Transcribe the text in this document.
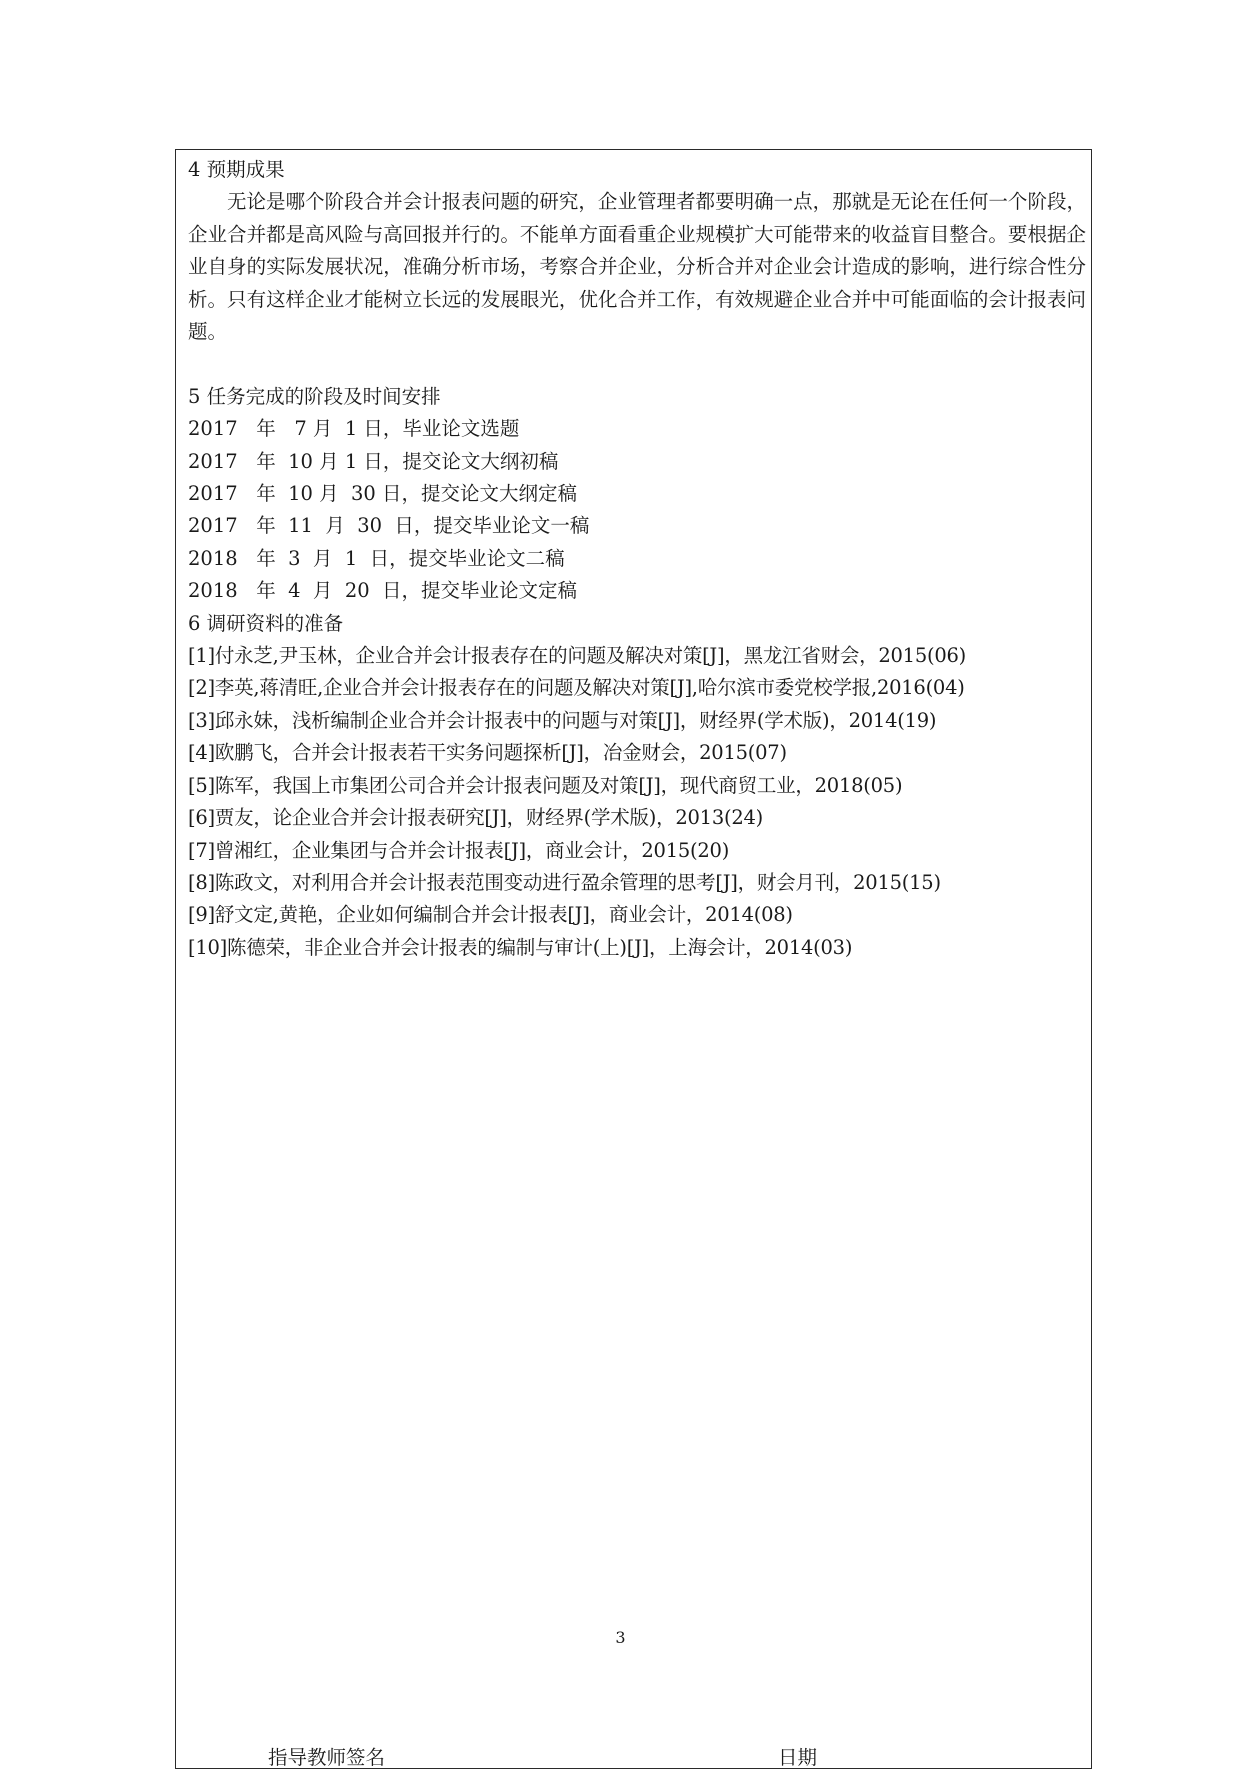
4 预期成果

无论是哪个阶段合并会计报表问题的研究，企业管理者都要明确一点，那就是无论在任何一个阶段，企业合并都是高风险与高回报并行的。不能单方面看重企业规模扩大可能带来的收益盲目整合。要根据企业自身的实际发展状况，准确分析市场，考察合并企业，分析合并对企业会计造成的影响，进行综合性分析。只有这样企业才能树立长远的发展眼光，优化合并工作，有效规避企业合并中可能面临的会计报表问题。

5 任务完成的阶段及时间安排
2017   年   7 月  1 日，毕业论文选题
2017   年  10 月 1 日，提交论文大纲初稿
2017   年  10 月  30 日，提交论文大纲定稿
2017   年  11  月  30  日，提交毕业论文一稿
2018   年  3  月  1  日，提交毕业论文二稿
2018   年  4  月  20  日，提交毕业论文定稿
6 调研资料的准备
[1]付永芝,尹玉林，企业合并会计报表存在的问题及解决对策[J]，黑龙江省财会，2015(06)
[2]李英,蒋清旺,企业合并会计报表存在的问题及解决对策[J],哈尔滨市委党校学报,2016(04)
[3]邱永妹，浅析编制企业合并会计报表中的问题与对策[J]，财经界(学术版)，2014(19)
[4]欧鹏飞，合并会计报表若干实务问题探析[J]，冶金财会，2015(07)
[5]陈军，我国上市集团公司合并会计报表问题及对策[J]，现代商贸工业，2018(05)
[6]贾友，论企业合并会计报表研究[J]，财经界(学术版)，2013(24)
[7]曾湘红，企业集团与合并会计报表[J]，商业会计，2015(20)
[8]陈政文，对利用合并会计报表范围变动进行盈余管理的思考[J]，财会月刊，2015(15)
[9]舒文定,黄艳，企业如何编制合并会计报表[J]，商业会计，2014(08)
[10]陈德荣，非企业合并会计报表的编制与审计(上)[J]，上海会计，2014(03)
3
指导教师签名	日期
